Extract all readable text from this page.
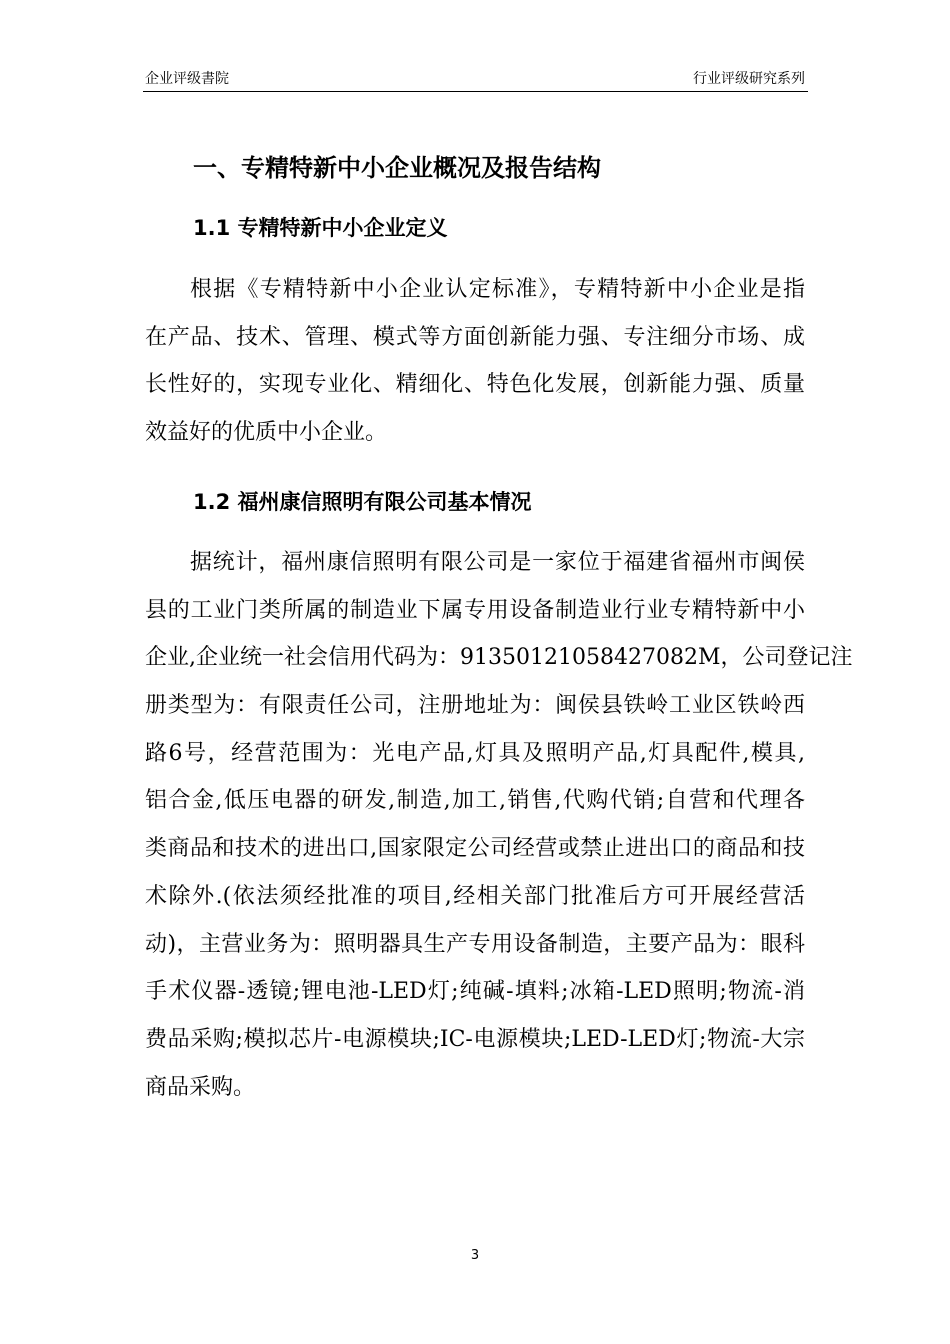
企业评级書院	行业评级研究系列
一、专精特新中小企业概况及报告结构
1.1 专精特新中小企业定义
根据《专精特新中小企业认定标准》，专精特新中小企业是指
在产品、技术、管理、模式等方面创新能力强、专注细分市场、成
长性好的，实现专业化、精细化、特色化发展，创新能力强、质量
效益好的优质中小企业。
1.2 福州康信照明有限公司基本情况
据统计，福州康信照明有限公司是一家位于福建省福州市闽侯
县的工业门类所属的制造业下属专用设备制造业行业专精特新中小
企业,企业统一社会信用代码为：91350121058427082M，公司登记注
册类型为：有限责任公司，注册地址为：闽侯县铁岭工业区铁岭西
路6号，经营范围为：光电产品,灯具及照明产品,灯具配件,模具,
铝合金,低压电器的研发,制造,加工,销售,代购代销;自营和代理各
类商品和技术的进出口,国家限定公司经营或禁止进出口的商品和技
术除外.(依法须经批准的项目,经相关部门批准后方可开展经营活
动)，主营业务为：照明器具生产专用设备制造，主要产品为：眼科
手术仪器-透镜;锂电池-LED灯;纯碱-填料;冰箱-LED照明;物流-消
费品采购;模拟芯片-电源模块;IC-电源模块;LED-LED灯;物流-大宗
商品采购。
3
